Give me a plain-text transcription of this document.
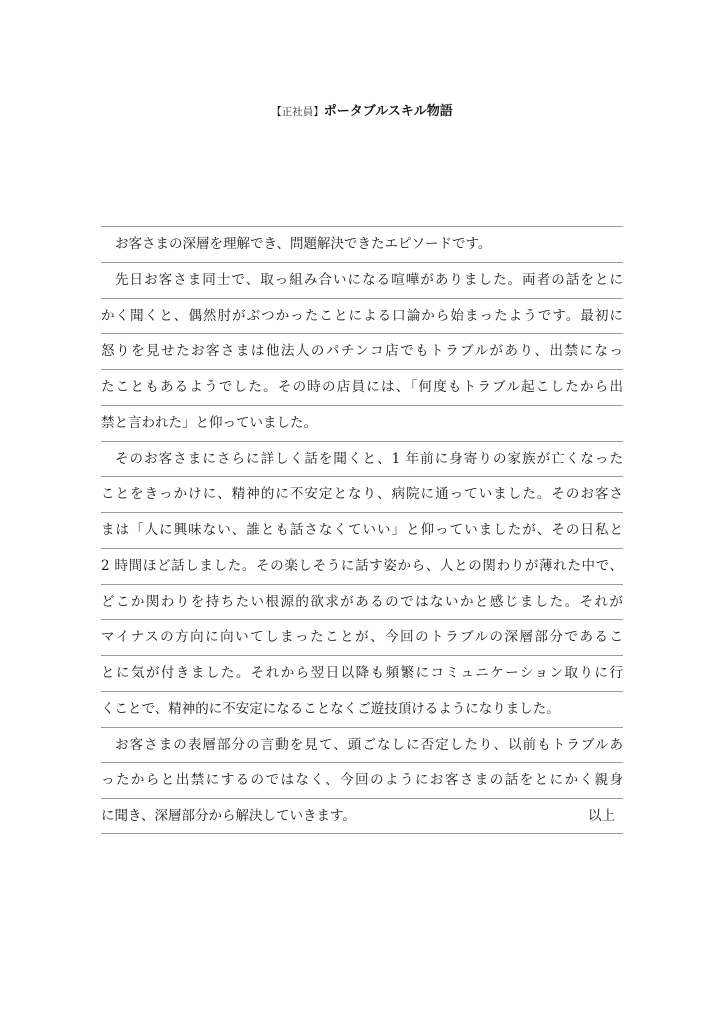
【正社員】ポータブルスキル物語
お客さまの深層を理解でき、問題解決できたエピソードです。
先日お客さま同士で、取っ組み合いになる喧嘩がありました。両者の話をとに
かく聞くと、偶然肘がぶつかったことによる口論から始まったようです。最初に
怒りを見せたお客さまは他法人のパチンコ店でもトラブルがあり、出禁になっ
たこともあるようでした。その時の店員には、「何度もトラブル起こしたから出
禁と言われた」と仰っていました。
そのお客さまにさらに詳しく話を聞くと、1 年前に身寄りの家族が亡くなった
ことをきっかけに、精神的に不安定となり、病院に通っていました。そのお客さ
まは「人に興味ない、誰とも話さなくていい」と仰っていましたが、その日私と
2 時間ほど話しました。その楽しそうに話す姿から、人との関わりが薄れた中で、
どこか関わりを持ちたい根源的欲求があるのではないかと感じました。それが
マイナスの方向に向いてしまったことが、今回のトラブルの深層部分であるこ
とに気が付きました。それから翌日以降も頻繁にコミュニケーション取りに行
くことで、精神的に不安定になることなくご遊技頂けるようになりました。
お客さまの表層部分の言動を見て、頭ごなしに否定したり、以前もトラブルあ
ったからと出禁にするのではなく、今回のようにお客さまの話をとにかく親身
に聞き、深層部分から解決していきます。	以上
